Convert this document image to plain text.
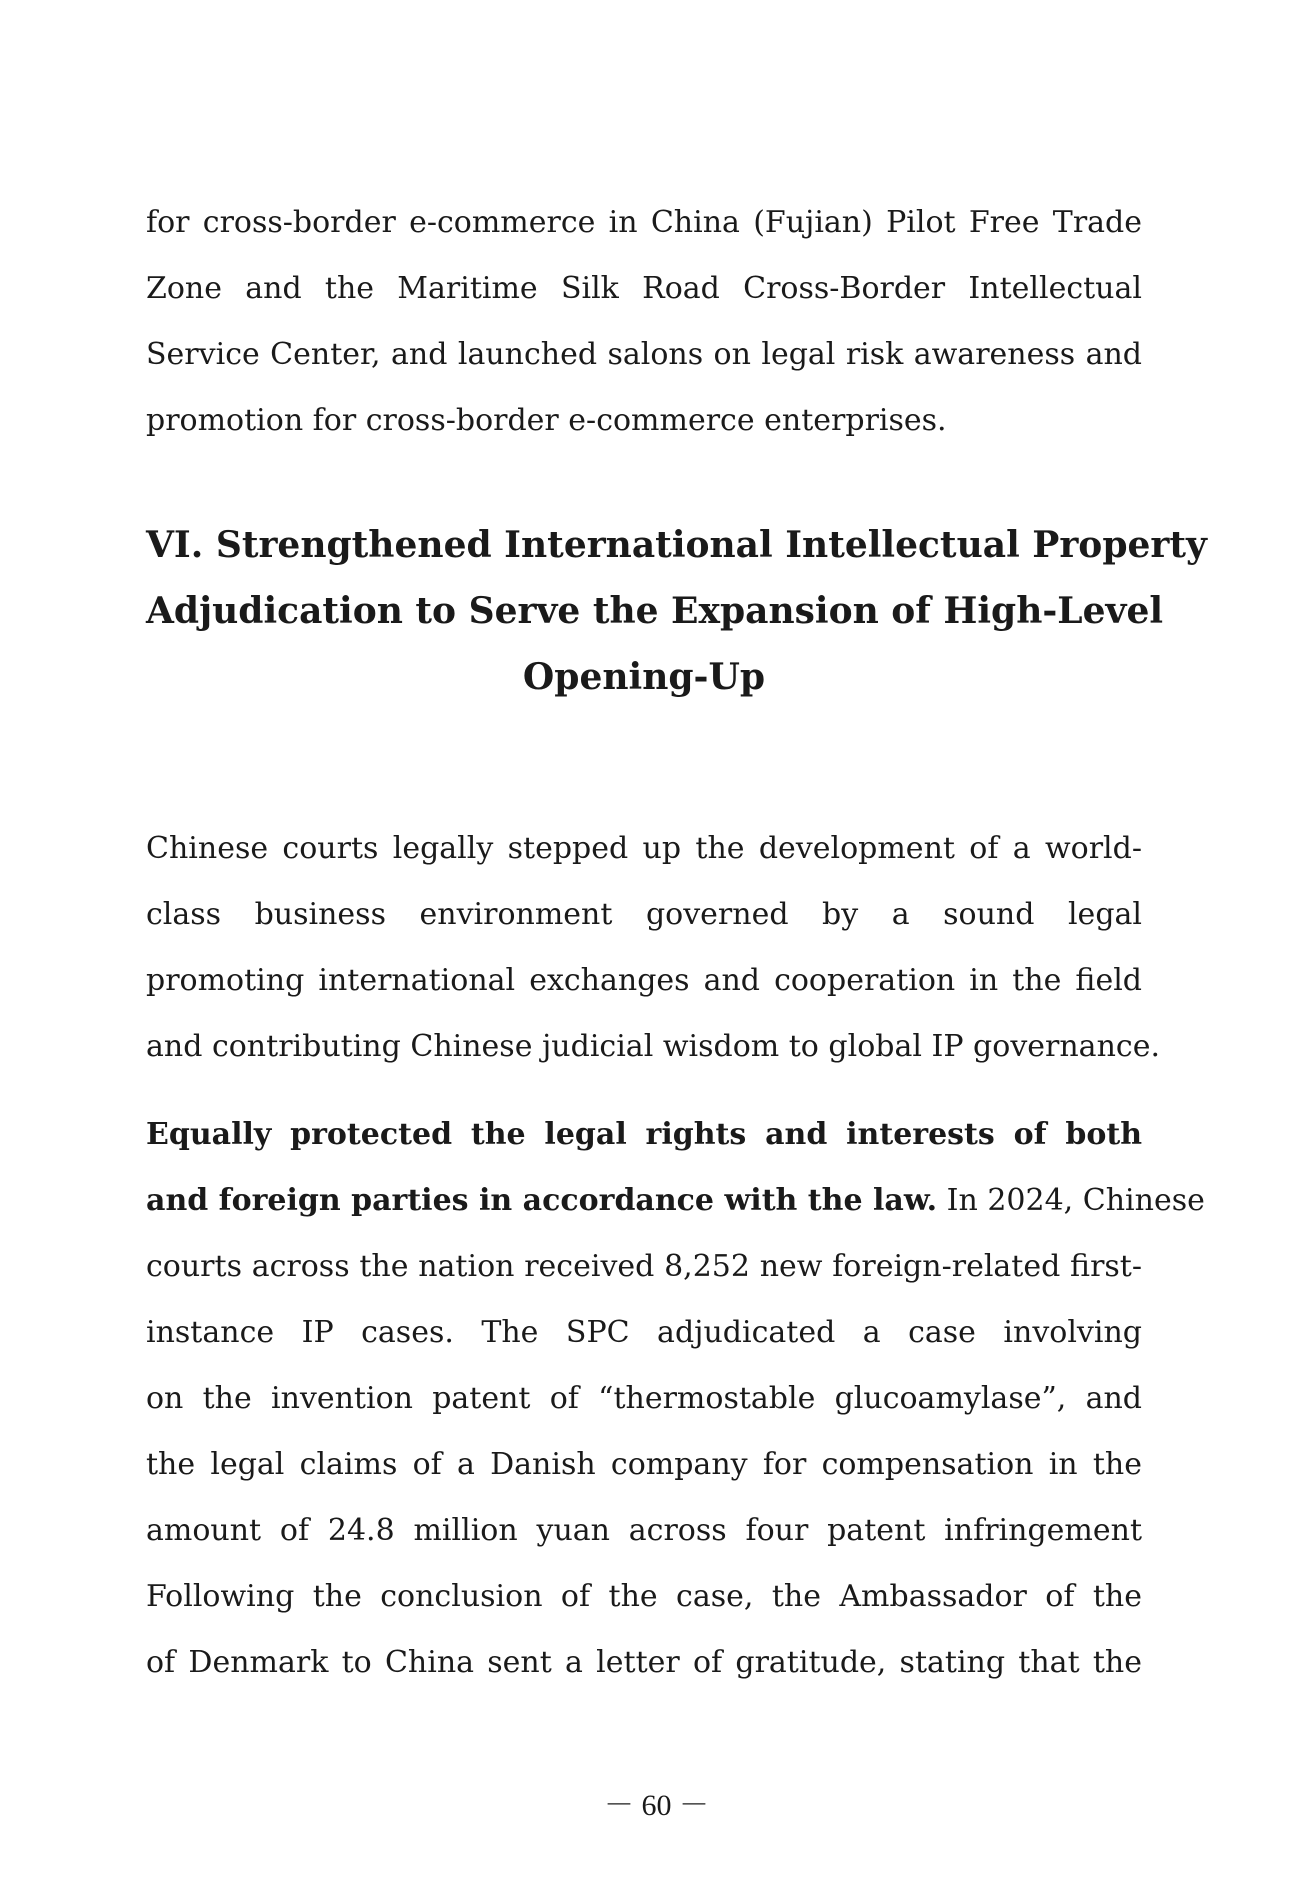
for cross-border e-commerce in China (Fujian) Pilot Free Trade
Zone and the Maritime Silk Road Cross-Border Intellectual
Service Center, and launched salons on legal risk awareness and
promotion for cross-border e-commerce enterprises.
VI. Strengthened International Intellectual Property
Adjudication to Serve the Expansion of High-Level
Opening-Up
Chinese courts legally stepped up the development of a world-
class business environment governed by a sound legal
promoting international exchanges and cooperation in the field
and contributing Chinese judicial wisdom to global IP governance.
Equally protected the legal rights and interests of both
and foreign parties in accordance with the law. In 2024, Chinese
courts across the nation received 8,252 new foreign-related first-
instance IP cases. The SPC adjudicated a case involving
on the invention patent of “thermostable glucoamylase”, and
the legal claims of a Danish company for compensation in the
amount of 24.8 million yuan across four patent infringement
Following the conclusion of the case, the Ambassador of the
of Denmark to China sent a letter of gratitude, stating that the
－ 60 －
